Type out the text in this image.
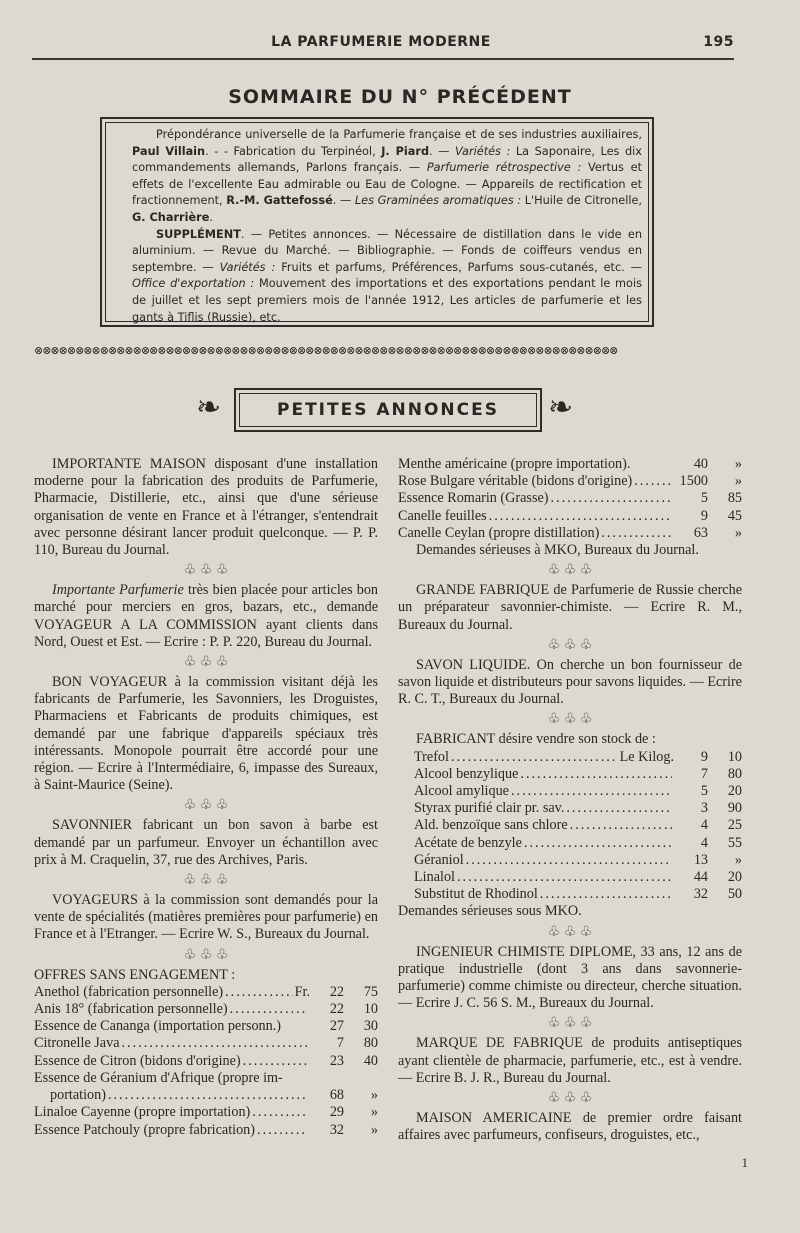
LA PARFUMERIE MODERNE	195
SOMMAIRE DU N° PRÉCÉDENT

Prépondérance universelle de la Parfumerie française et de ses industries auxiliaires, Paul Villain. - - Fabrication du Terpinéol, J. Piard. — Variétés : La Saponaire, Les dix commandements allemands, Parlons français. — Parfumerie rétrospective : Vertus et effets de l'excellente Eau admirable ou Eau de Cologne. — Appareils de rectification et fractionnement, R.-M. Gattefossé. — Les Graminées aromatiques : L'Huile de Citronelle, G. Charrière.

SUPPLÉMENT. — Petites annonces. — Nécessaire de distillation dans le vide en aluminium. — Revue du Marché. — Bibliographie. — Fonds de coiffeurs vendus en septembre. — Variétés : Fruits et parfums, Préférences, Parfums sous-cutanés, etc. — Office d'exportation : Mouvement des importations et des exportations pendant le mois de juillet et les sept premiers mois de l'année 1912, Les articles de parfumerie et les gants à Tiflis (Russie), etc.

⊗⊗⊗⊗⊗⊗⊗⊗⊗⊗⊗⊗⊗⊗⊗⊗⊗⊗⊗⊗⊗⊗⊗⊗⊗⊗⊗⊗⊗⊗⊗⊗⊗⊗⊗⊗⊗⊗⊗⊗⊗⊗⊗⊗⊗⊗⊗⊗⊗⊗⊗⊗⊗⊗⊗⊗⊗⊗⊗⊗⊗⊗⊗⊗⊗⊗⊗⊗⊗⊗⊗
❧	PETITES ANNONCES	❧

IMPORTANTE MAISON disposant d'une installation moderne pour la fabrication des produits de Parfumerie, Pharmacie, Distillerie, etc., ainsi que d'une sérieuse organisation de vente en France et à l'étranger, s'entendrait avec personne désirant lancer produit quelconque. — P. P. 110, Bureau du Journal.

♧ ♧ ♧

Importante Parfumerie très bien placée pour articles bon marché pour merciers en gros, bazars, etc., demande VOYAGEUR A LA COMMISSION ayant clients dans Nord, Ouest et Est. — Ecrire : P. P. 220, Bureau du Journal.

♧ ♧ ♧

BON VOYAGEUR à la commission visitant déjà les fabricants de Parfumerie, les Savonniers, les Droguistes, Pharmaciens et Fabricants de produits chimiques, est demandé par une fabrique d'appareils spéciaux très intéressants. Monopole pourrait être accordé pour une région. — Ecrire à l'Intermédiaire, 6, impasse des Sureaux, à Saint-Maurice (Seine).

♧ ♧ ♧

SAVONNIER fabricant un bon savon à barbe est demandé par un parfumeur. Envoyer un échantillon avec prix à M. Craquelin, 37, rue des Archives, Paris.

♧ ♧ ♧

VOYAGEURS à la commission sont demandés pour la vente de spécialités (matières premières pour parfumerie) en France et à l'Etranger. — Ecrire W. S., Bureaux du Journal.

♧ ♧ ♧

OFFRES SANS ENGAGEMENT :

Anethol (fabrication personnelle) .....	Fr.	22	75
Anis 18° (fabrication personnelle) .....	22	10
Essence de Cananga (importation personn.)	27	30
Citronelle Java .....	7	80
Essence de Citron (bidons d'origine) .....	23	40
Essence de Géranium d'Afrique (propre im-
portation) .....	68	»
Linaloe Cayenne (propre importation) .....	29	»
Essence Patchouly (propre fabrication) .....	32	»
Menthe américaine (propre importation).	40	»
Rose Bulgare véritable (bidons d'origine) .....	1500	»
Essence Romarin (Grasse) .....	5	85
Canelle feuilles .....	9	45
Canelle Ceylan (propre distillation) .....	63	»

Demandes sérieuses à MKO, Bureaux du Journal.

♧ ♧ ♧

GRANDE FABRIQUE de Parfumerie de Russie cherche un préparateur savonnier-chimiste. — Ecrire R. M., Bureaux du Journal.

♧ ♧ ♧

SAVON LIQUIDE. On cherche un bon fournisseur de savon liquide et distributeurs pour savons liquides. — Ecrire R. C. T., Bureaux du Journal.

♧ ♧ ♧

FABRICANT désire vendre son stock de :

Trefol .....	Le Kilog.	9	10
Alcool benzylique .....	7	80
Alcool amylique .....	5	20
Styrax purifié clair pr. sav. .....	3	90
Ald. benzoïque sans chlore .....	4	25
Acétate de benzyle .....	4	55
Géraniol .....	13	»
Linalol .....	44	20
Substitut de Rhodinol .....	32	50

Demandes sérieuses sous MKO.

♧ ♧ ♧

INGENIEUR CHIMISTE DIPLOME, 33 ans, 12 ans de pratique industrielle (dont 3 ans dans savonnerie-parfumerie) comme chimiste ou directeur, cherche situation. — Ecrire J. C. 56 S. M., Bureaux du Journal.

♧ ♧ ♧

MARQUE DE FABRIQUE de produits antiseptiques ayant clientèle de pharmacie, parfumerie, etc., est à vendre. — Ecrire B. J. R., Bureau du Journal.

♧ ♧ ♧

MAISON AMERICAINE de premier ordre faisant affaires avec parfumeurs, confiseurs, droguistes, etc.,

1
